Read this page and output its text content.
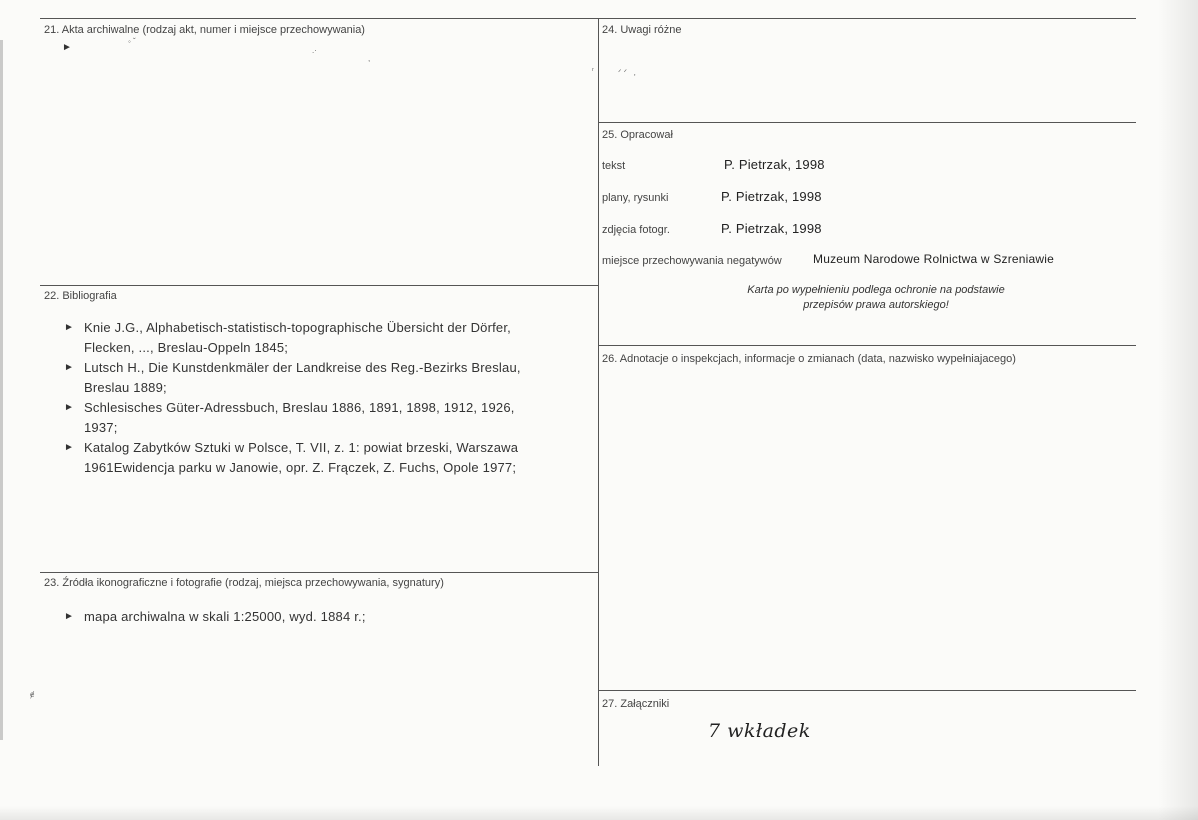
21. Akta archiwalne (rodzaj akt, numer i miejsce przechowywania)
►
◦ ˇ
.·
,
22. Bibliografia
► Knie J.G., Alphabetisch-statistisch-topographische Übersicht der Dörfer,
Flecken, ..., Breslau-Oppeln 1845;
► Lutsch H., Die Kunstdenkmäler der Landkreise des Reg.-Bezirks Breslau,
Breslau 1889;
► Schlesisches Güter-Adressbuch, Breslau 1886, 1891, 1898, 1912, 1926,
1937;
► Katalog Zabytków Sztuki w Polsce, T. VII, z. 1: powiat brzeski, Warszawa
1961Ewidencja parku w Janowie, opr. Z. Frączek, Z. Fuchs, Opole 1977;
23. Źródła ikonograficzne i fotografie (rodzaj, miejsca przechowywania, sygnatury)
► mapa archiwalna w skali 1:25000, wyd. 1884 r.;
ɇ
24. Uwagi różne
ʳ	ᐟ ᐟ   ,
25. Opracował
tekst	P. Pietrzak, 1998
plany, rysunki	P. Pietrzak, 1998
zdjęcia fotogr.	P. Pietrzak, 1998
miejsce przechowywania negatywów	Muzeum Narodowe Rolnictwa w Szreniawie
Karta po wypełnieniu podlega ochronie na podstawie
przepisów prawa autorskiego!
26. Adnotacje o inspekcjach, informacje o zmianach (data, nazwisko wypełniajacego)
27. Załączniki
7 wkładek
